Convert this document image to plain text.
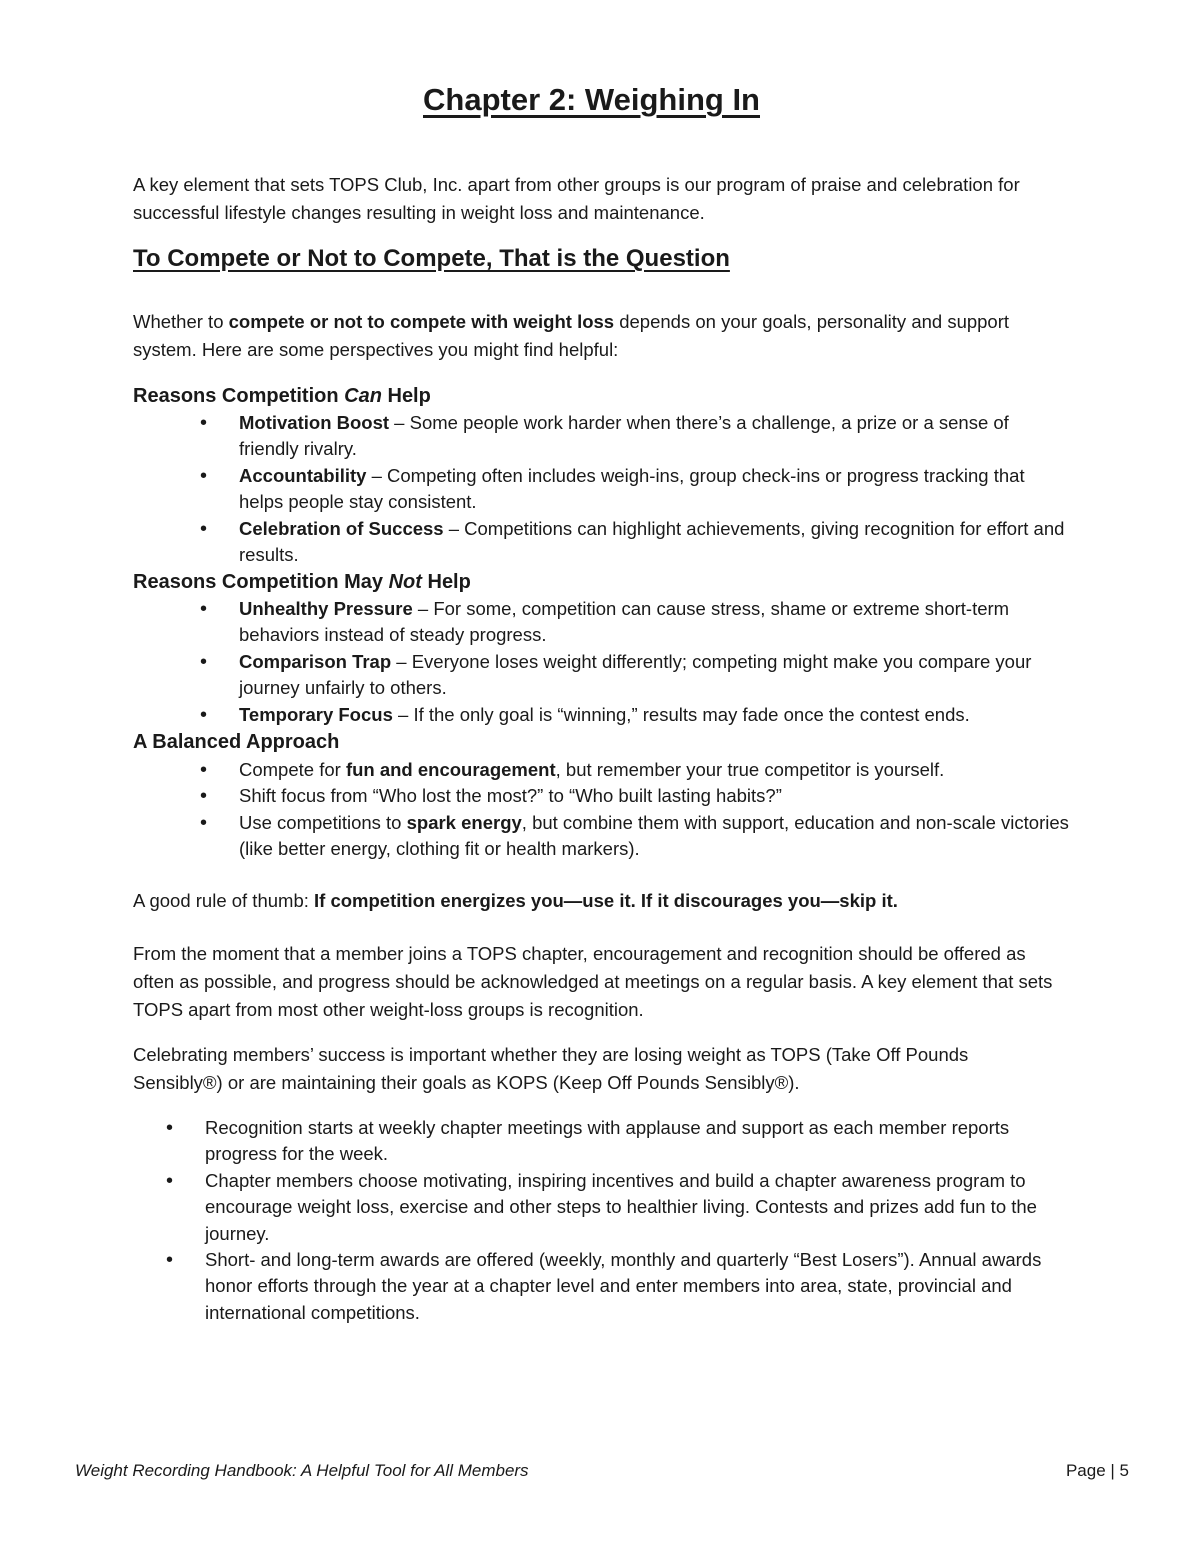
Chapter 2: Weighing In

A key element that sets TOPS Club, Inc. apart from other groups is our program of praise and celebration for successful lifestyle changes resulting in weight loss and maintenance.

To Compete or Not to Compete, That is the Question

Whether to compete or not to compete with weight loss depends on your goals, personality and support system. Here are some perspectives you might find helpful:

Reasons Competition Can Help
• Motivation Boost – Some people work harder when there’s a challenge, a prize or a sense of friendly rivalry.
• Accountability – Competing often includes weigh-ins, group check-ins or progress tracking that helps people stay consistent.
• Celebration of Success – Competitions can highlight achievements, giving recognition for effort and results.
Reasons Competition May Not Help
• Unhealthy Pressure – For some, competition can cause stress, shame or extreme short-term behaviors instead of steady progress.
• Comparison Trap – Everyone loses weight differently; competing might make you compare your journey unfairly to others.
• Temporary Focus – If the only goal is “winning,” results may fade once the contest ends.
A Balanced Approach
• Compete for fun and encouragement, but remember your true competitor is yourself.
• Shift focus from “Who lost the most?” to “Who built lasting habits?”
• Use competitions to spark energy, but combine them with support, education and non-scale victories (like better energy, clothing fit or health markers).

A good rule of thumb: If competition energizes you—use it. If it discourages you—skip it.

From the moment that a member joins a TOPS chapter, encouragement and recognition should be offered as often as possible, and progress should be acknowledged at meetings on a regular basis. A key element that sets TOPS apart from most other weight-loss groups is recognition.

Celebrating members’ success is important whether they are losing weight as TOPS (Take Off Pounds Sensibly®) or are maintaining their goals as KOPS (Keep Off Pounds Sensibly®).

• Recognition starts at weekly chapter meetings with applause and support as each member reports progress for the week.
• Chapter members choose motivating, inspiring incentives and build a chapter awareness program to encourage weight loss, exercise and other steps to healthier living. Contests and prizes add fun to the journey.
• Short- and long-term awards are offered (weekly, monthly and quarterly “Best Losers”). Annual awards honor efforts through the year at a chapter level and enter members into area, state, provincial and international competitions.
Weight Recording Handbook: A Helpful Tool for All Members	Page | 5
